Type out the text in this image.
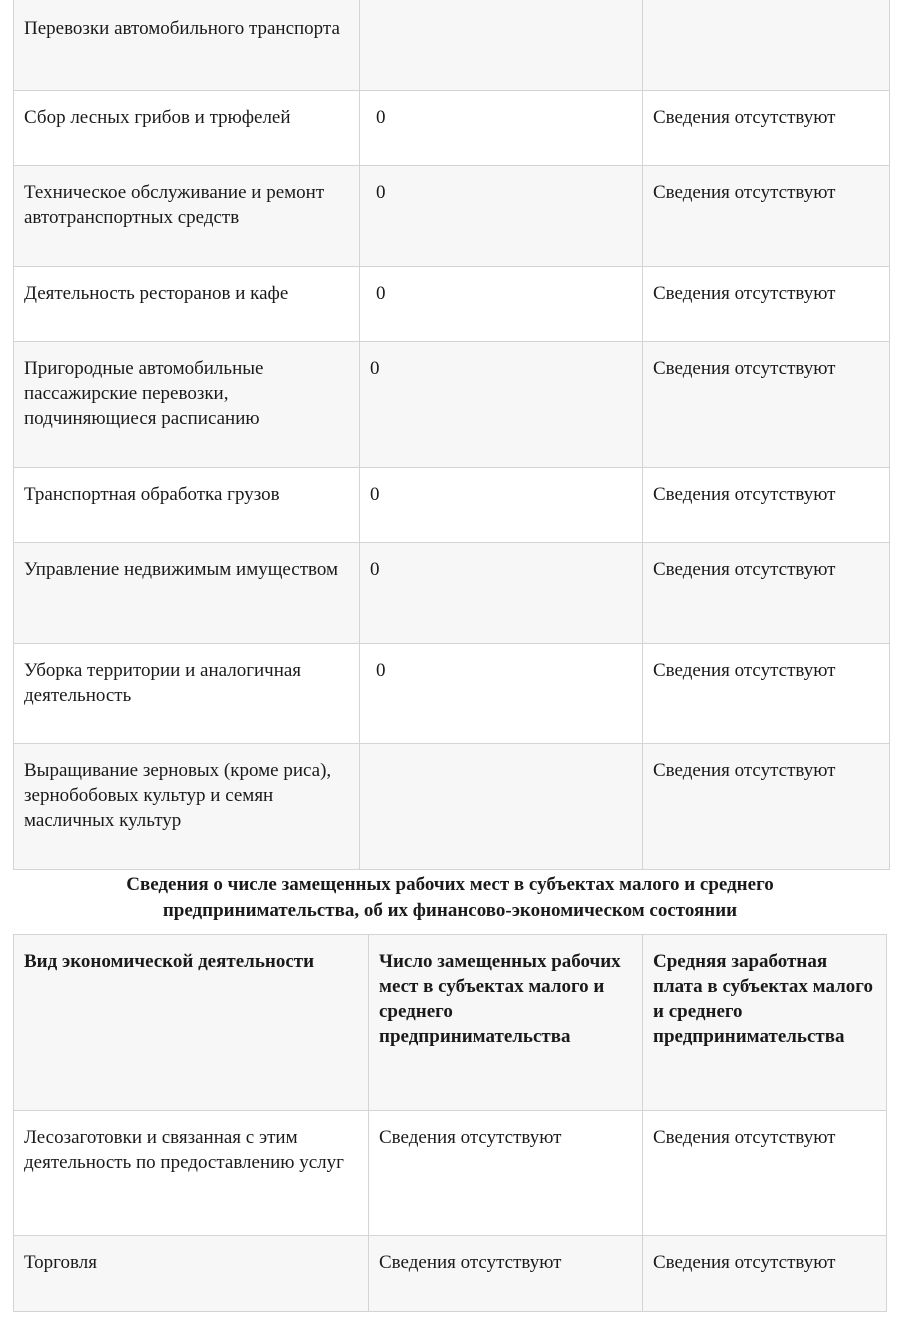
Перевозки автомобильного транспорта		
Сбор лесных грибов и трюфелей	0	Сведения отсутствуют
Техническое обслуживание и ремонт автотранспортных средств	0	Сведения отсутствуют
Деятельность ресторанов и кафе	0	Сведения отсутствуют
Пригородные автомобильные пассажирские перевозки, подчиняющиеся расписанию	0	Сведения отсутствуют
Транспортная обработка грузов	0	Сведения отсутствуют
Управление недвижимым имуществом	0	Сведения отсутствуют
Уборка территории и аналогичная деятельность	0	Сведения отсутствуют
Выращивание зерновых (кроме риса), зернобобовых культур и семян масличных культур		Сведения отсутствуют
Сведения о числе замещенных рабочих мест в субъектах малого и среднего
предпринимательства, об их финансово-экономическом состоянии
Вид экономической деятельности	Число замещенных рабочих мест в субъектах малого и среднего предпринимательства	Средняя заработная плата в субъектах малого и среднего предпринимательства
Лесозаготовки и связанная с этим деятельность по предоставлению услуг	Сведения отсутствуют	Сведения отсутствуют
Торговля	Сведения отсутствуют	Сведения отсутствуют
